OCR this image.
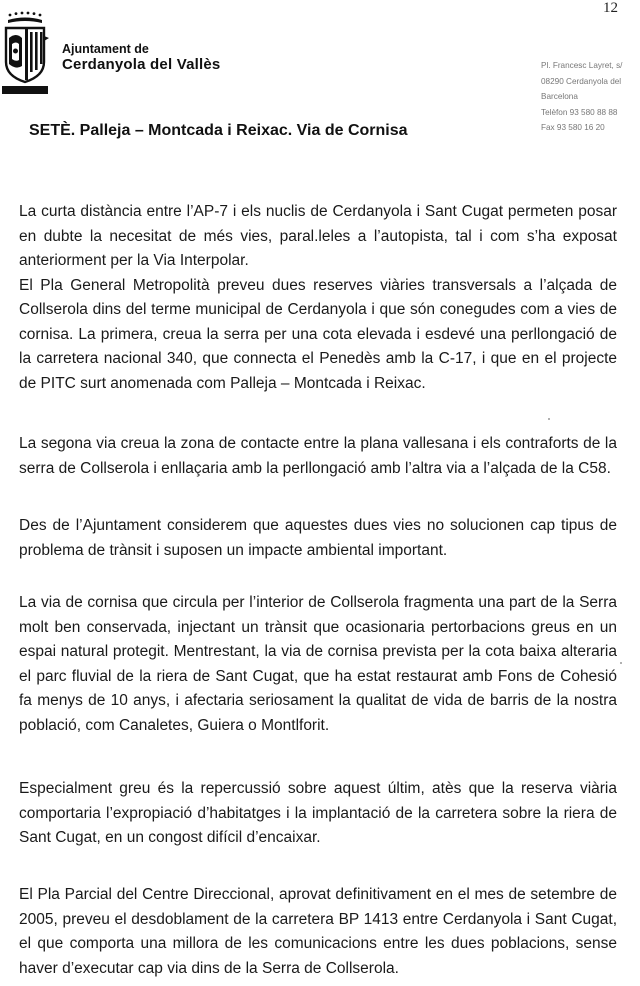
12
Ajuntament de
Cerdanyola del Vallès	Pl. Francesc Layret, s/
08290 Cerdanyola del
Barcelona
Telèfon 93 580 88 88
Fax 93 580 16 20
SETÈ. Palleja – Montcada i Reixac. Via de Cornisa

La curta distància entre l’AP-7 i els nuclis de Cerdanyola i Sant Cugat permeten posar en dubte la necesitat de més vies, paral.leles a l’autopista, tal i com s’ha exposat anteriorment per la Via Interpolar.

El Pla General Metropolità preveu dues reserves viàries transversals a l’alçada de Collserola dins del terme municipal de Cerdanyola i que són conegudes com a vies de cornisa. La primera, creua la serra per una cota elevada i esdevé una perllongació de la carretera nacional 340, que connecta el Penedès amb la C-17, i que en el projecte de PITC surt anomenada com Palleja – Montcada i Reixac.

La segona via creua la zona de contacte entre la plana vallesana i els contraforts de la serra de Collserola i enllaçaria amb la perllongació amb l’altra via a l’alçada de la C58.

Des de l’Ajuntament considerem que aquestes dues vies no solucionen cap tipus de problema de trànsit i suposen un impacte ambiental important.

La via de cornisa que circula per l’interior de Collserola fragmenta una part de la Serra molt ben conservada, injectant un trànsit que ocasionaria pertorbacions greus en un espai natural protegit. Mentrestant, la via de cornisa prevista per la cota baixa alteraria el parc fluvial de la riera de Sant Cugat, que ha estat restaurat amb Fons de Cohesió fa menys de 10 anys, i afectaria seriosament la qualitat de vida de barris de la nostra població, com Canaletes, Guiera o Montlforit.

Especialment greu és la repercussió sobre aquest últim, atès que la reserva viària comportaria l’expropiació d’habitatges i la implantació de la carretera sobre la riera de Sant Cugat, en un congost difícil d’encaixar.

El Pla Parcial del Centre Direccional, aprovat definitivament en el mes de setembre de 2005, preveu el desdoblament de la carretera BP 1413 entre Cerdanyola i Sant Cugat, el que comporta una millora de les comunicacions entre les dues poblacions, sense haver d’executar cap via dins de la Serra de Collserola.
